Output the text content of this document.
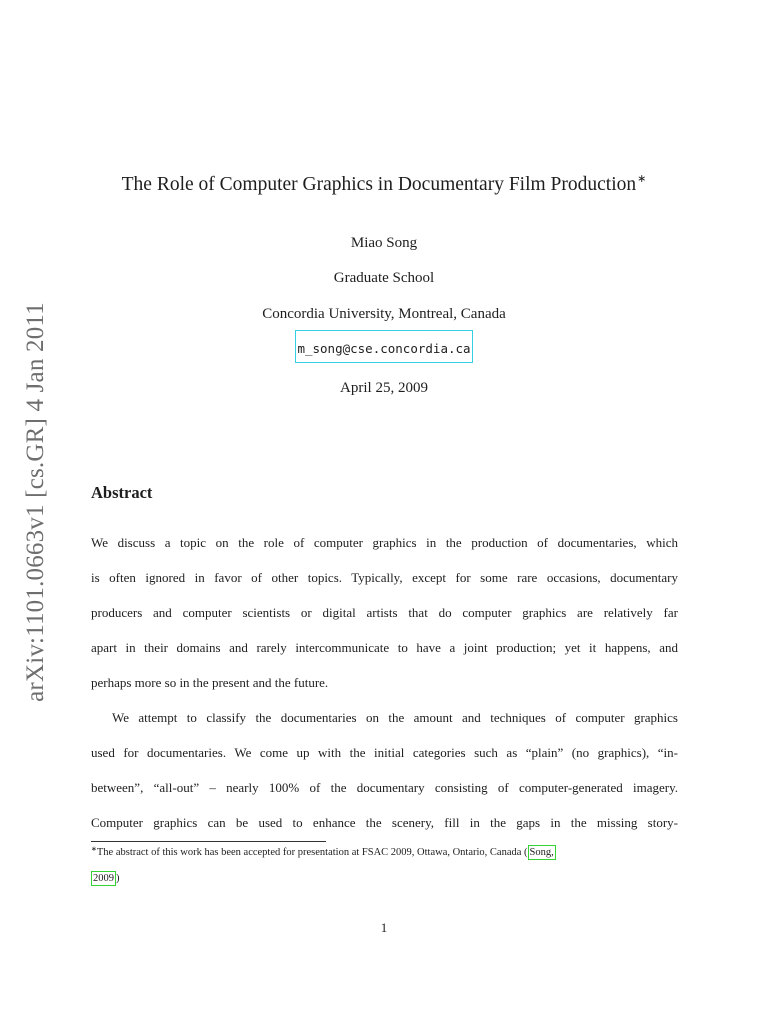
arXiv:1101.0663v1 [cs.GR] 4 Jan 2011
The Role of Computer Graphics in Documentary Film Production∗
Miao Song
Graduate School
Concordia University, Montreal, Canada
m_song@cse.concordia.ca
April 25, 2009
Abstract
We discuss a topic on the role of computer graphics in the production of documentaries, which
is often ignored in favor of other topics. Typically, except for some rare occasions, documentary
producers and computer scientists or digital artists that do computer graphics are relatively far
apart in their domains and rarely intercommunicate to have a joint production; yet it happens, and
perhaps more so in the present and the future.
We attempt to classify the documentaries on the amount and techniques of computer graphics
used for documentaries. We come up with the initial categories such as “plain” (no graphics), “in-
between”, “all-out” – nearly 100% of the documentary consisting of computer-generated imagery.
Computer graphics can be used to enhance the scenery, fill in the gaps in the missing story-
∗The abstract of this work has been accepted for presentation at FSAC 2009, Ottawa, Ontario, Canada ( Song,
2009 )
1
